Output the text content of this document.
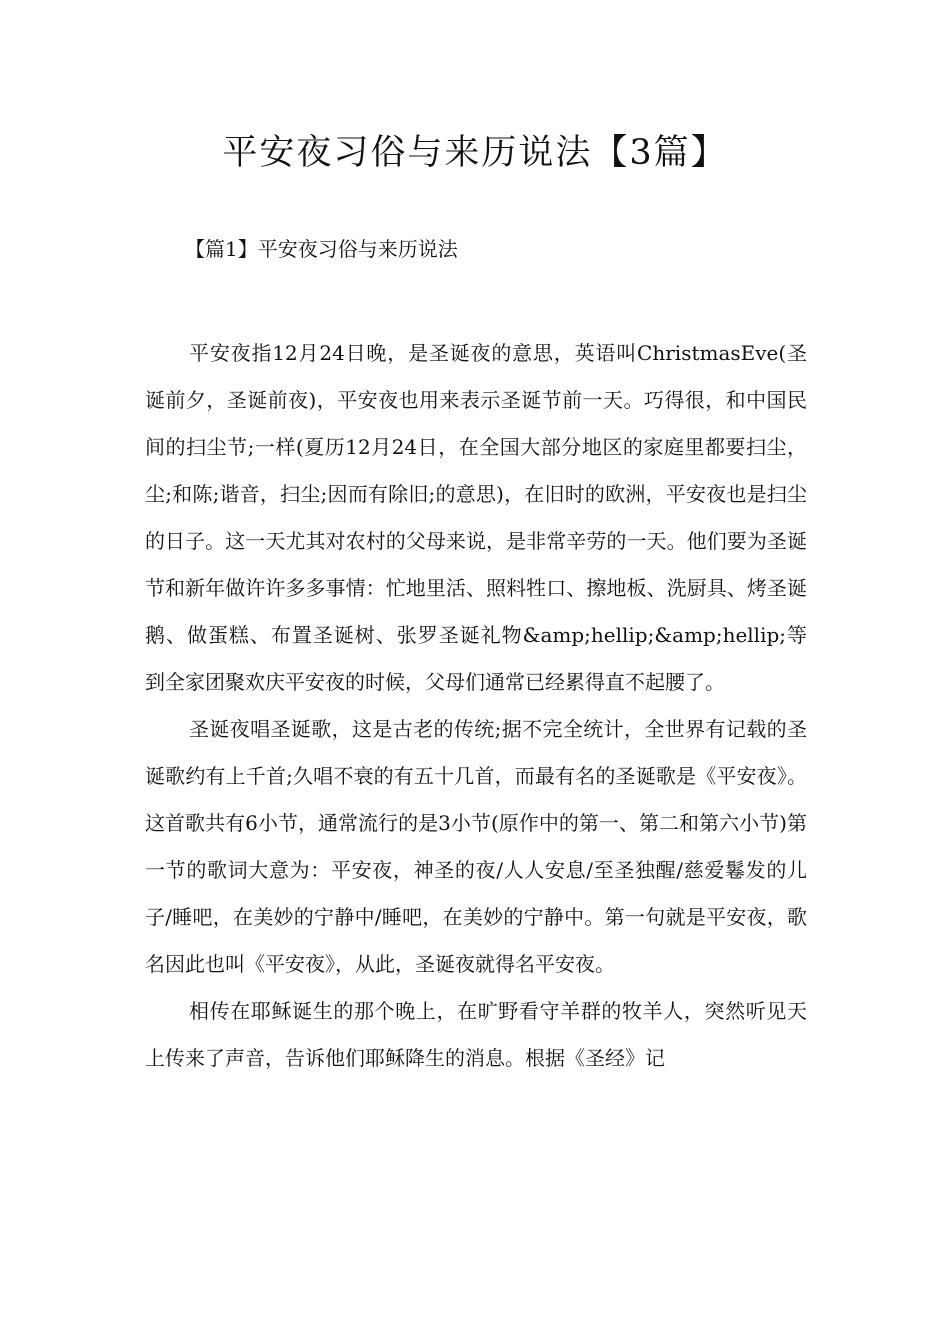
平安夜习俗与来历说法【3篇】
【篇1】平安夜习俗与来历说法

平安夜指12月24日晚，是圣诞夜的意思，英语叫ChristmasEve(圣诞前夕，圣诞前夜)，平安夜也用来表示圣诞节前一天。巧得很，和中国民间的扫尘节;一样(夏历12月24日，在全国大部分地区的家庭里都要扫尘，尘;和陈;谐音，扫尘;因而有除旧;的意思)，在旧时的欧洲，平安夜也是扫尘的日子。这一天尤其对农村的父母来说，是非常辛劳的一天。他们要为圣诞节和新年做许许多多事情：忙地里活、照料牲口、擦地板、洗厨具、烤圣诞鹅、做蛋糕、布置圣诞树、张罗圣诞礼物&amp;hellip;&amp;hellip;等到全家团聚欢庆平安夜的时候，父母们通常已经累得直不起腰了。

圣诞夜唱圣诞歌，这是古老的传统;据不完全统计，全世界有记载的圣诞歌约有上千首;久唱不衰的有五十几首，而最有名的圣诞歌是《平安夜》。这首歌共有6小节，通常流行的是3小节(原作中的第一、第二和第六小节)第一节的歌词大意为：平安夜，神圣的夜/人人安息/至圣独醒/慈爱鬈发的儿子/睡吧，在美妙的宁静中/睡吧，在美妙的宁静中。第一句就是平安夜，歌名因此也叫《平安夜》，从此，圣诞夜就得名平安夜。

相传在耶稣诞生的那个晚上，在旷野看守羊群的牧羊人，突然听见天上传来了声音，告诉他们耶稣降生的消息。根据《圣经》记
